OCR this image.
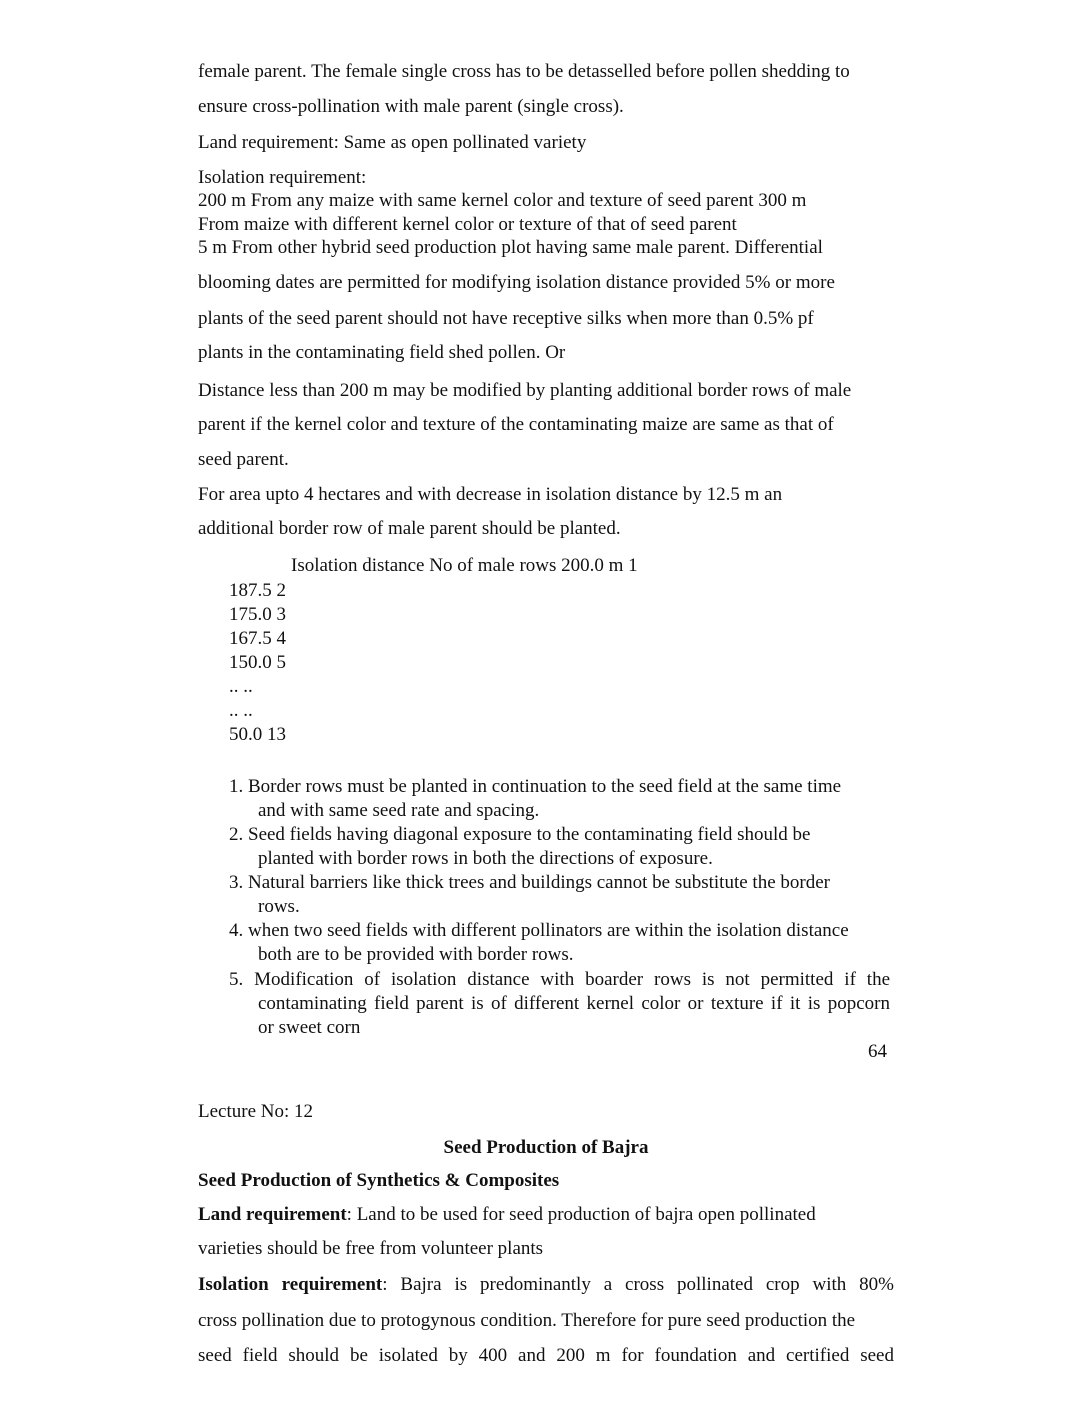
female parent. The female single cross has to be detasselled before pollen shedding to
ensure cross-pollination with male parent (single cross).
Land requirement: Same as open pollinated variety
Isolation requirement:
200 m From any maize with same kernel color and texture of seed parent 300 m
From maize with different kernel color or texture of that of seed parent
5 m From other hybrid seed production plot having same male parent. Differential
blooming dates are permitted for modifying isolation distance provided 5% or more
plants of the seed parent should not have receptive silks when more than 0.5% pf
plants in the contaminating field shed pollen. Or
Distance less than 200 m may be modified by planting additional border rows of male
parent if the kernel color and texture of the contaminating maize are same as that of
seed parent.
For area upto 4 hectares and with decrease in isolation distance by 12.5 m an
additional border row of male parent should be planted.
Isolation distance No of male rows 200.0 m 1
187.5 2
175.0 3
167.5 4
150.0 5
.. ..
.. ..
50.0 13
1. Border rows must be planted in continuation to the seed field at the same time
and with same seed rate and spacing.
2. Seed fields having diagonal exposure to the contaminating field should be
planted with border rows in both the directions of exposure.
3. Natural barriers like thick trees and buildings cannot be substitute the border
rows.
4. when two seed fields with different pollinators are within the isolation distance
both are to be provided with border rows.
5. Modification of isolation distance with boarder rows is not permitted if the
contaminating field parent is of different kernel color or texture if it is popcorn
or sweet corn
64
Lecture No: 12
Seed Production of Bajra
Seed Production of Synthetics & Composites
Land requirement: Land to be used for seed production of bajra open pollinated
varieties should be free from volunteer plants
Isolation requirement: Bajra is predominantly a cross pollinated crop with 80%
cross pollination due to protogynous condition. Therefore for pure seed production the
seed field should be isolated by 400 and 200 m for foundation and certified seed
